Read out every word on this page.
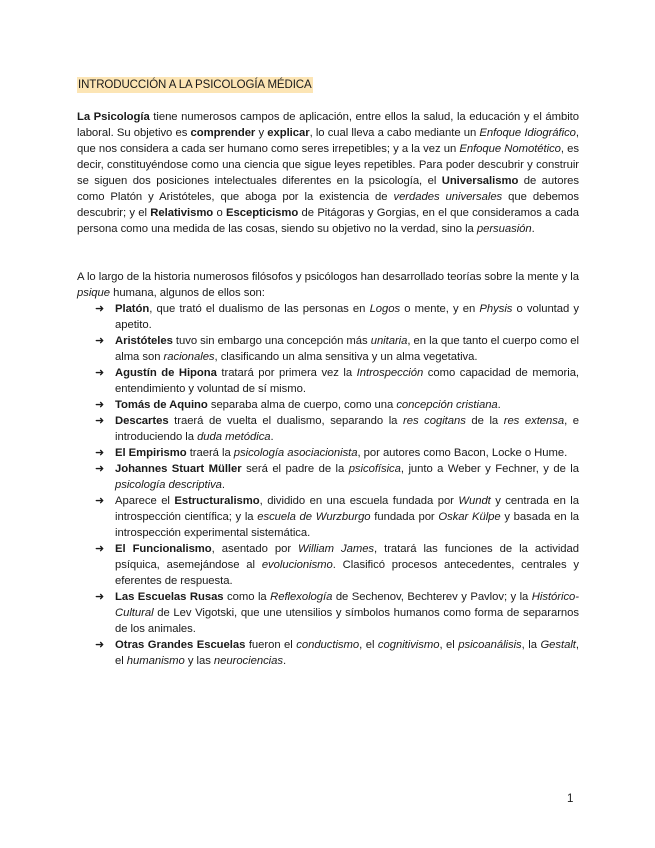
INTRODUCCIÓN A LA PSICOLOGÍA MÉDICA
La Psicología tiene numerosos campos de aplicación, entre ellos la salud, la educación y el ámbito laboral. Su objetivo es comprender y explicar, lo cual lleva a cabo mediante un Enfoque Idiográfico, que nos considera a cada ser humano como seres irrepetibles; y a la vez un Enfoque Nomotético, es decir, constituyéndose como una ciencia que sigue leyes repetibles. Para poder descubrir y construir se siguen dos posiciones intelectuales diferentes en la psicología, el Universalismo de autores como Platón y Aristóteles, que aboga por la existencia de verdades universales que debemos descubrir; y el Relativismo o Escepticismo de Pitágoras y Gorgias, en el que consideramos a cada persona como una medida de las cosas, siendo su objetivo no la verdad, sino la persuasión.
A lo largo de la historia numerosos filósofos y psicólogos han desarrollado teorías sobre la mente y la psique humana, algunos de ellos son:
➜ Platón, que trató el dualismo de las personas en Logos o mente, y en Physis o voluntad y apetito.
➜ Aristóteles tuvo sin embargo una concepción más unitaria, en la que tanto el cuerpo como el alma son racionales, clasificando un alma sensitiva y un alma vegetativa.
➜ Agustín de Hipona tratará por primera vez la Introspección como capacidad de memoria, entendimiento y voluntad de sí mismo.
➜ Tomás de Aquino separaba alma de cuerpo, como una concepción cristiana.
➜ Descartes traerá de vuelta el dualismo, separando la res cogitans de la res extensa, e introduciendo la duda metódica.
➜ El Empirismo traerá la psicología asociacionista, por autores como Bacon, Locke o Hume.
➜ Johannes Stuart Müller será el padre de la psicofísica, junto a Weber y Fechner, y de la psicología descriptiva.
➜ Aparece el Estructuralismo, dividido en una escuela fundada por Wundt y centrada en la introspección científica; y la escuela de Wurzburgo fundada por Oskar Külpe y basada en la introspección experimental sistemática.
➜ El Funcionalismo, asentado por William James, tratará las funciones de la actividad psíquica, asemejándose al evolucionismo. Clasificó procesos antecedentes, centrales y eferentes de respuesta.
➜ Las Escuelas Rusas como la Reflexología de Sechenov, Bechterev y Pavlov; y la Histórico-Cultural de Lev Vigotski, que une utensilios y símbolos humanos como forma de separarnos de los animales.
➜ Otras Grandes Escuelas fueron el conductismo, el cognitivismo, el psicoanálisis, la Gestalt, el humanismo y las neurociencias.
1
